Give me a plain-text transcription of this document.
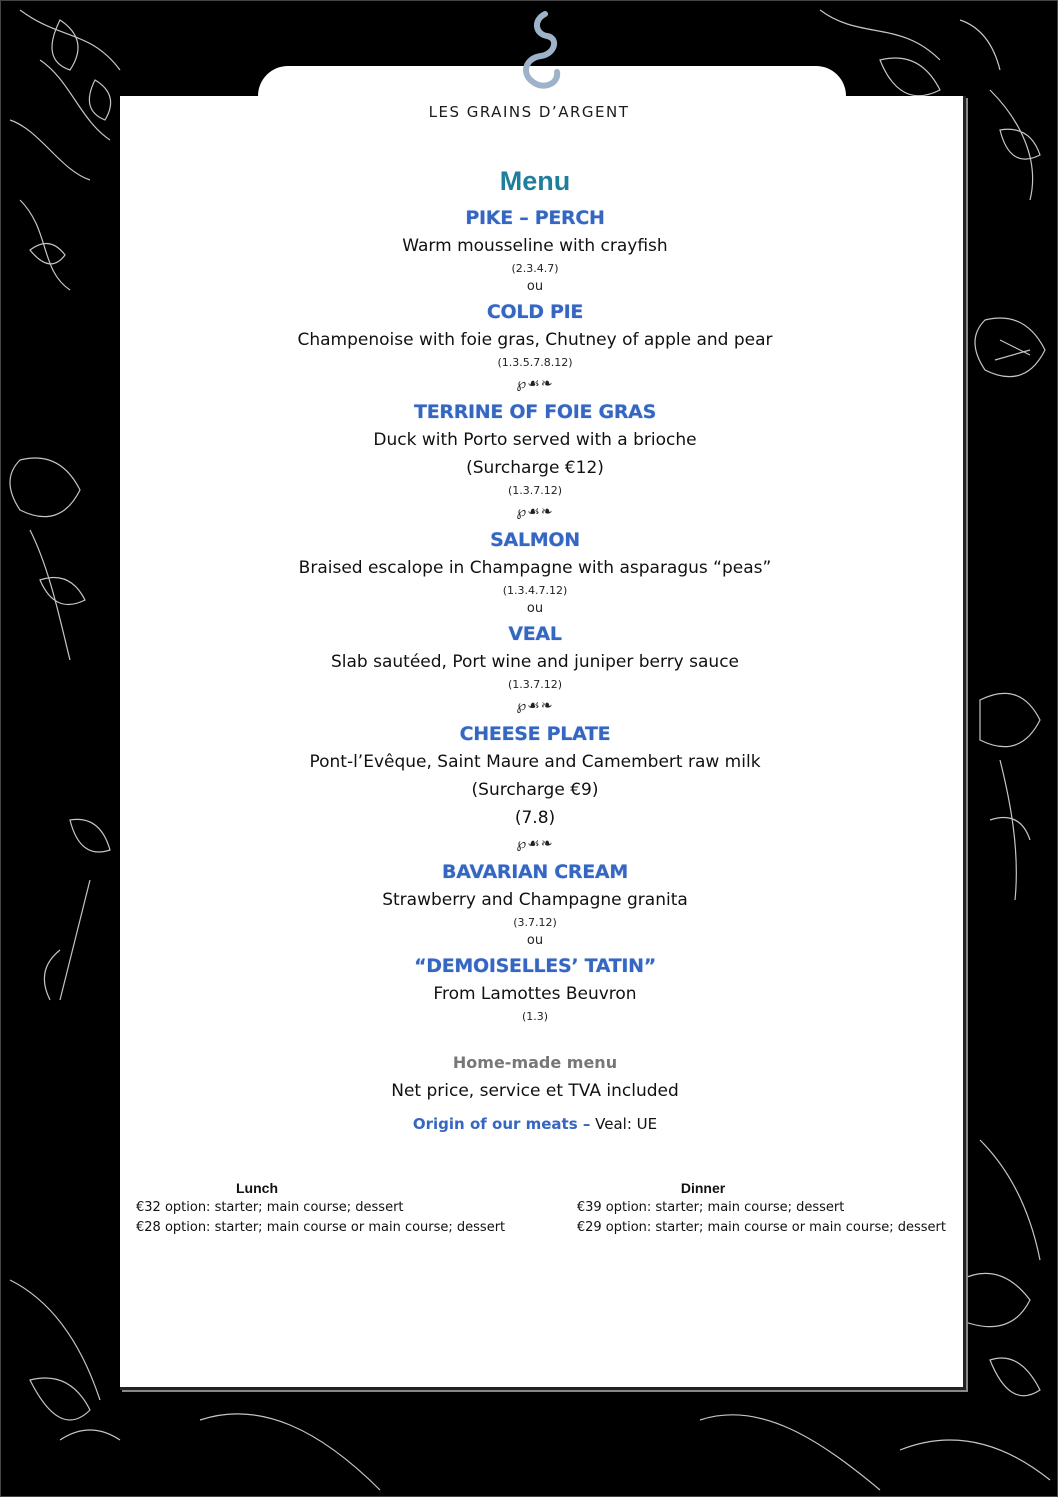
LES GRAINS D’ARGENT
Menu
PIKE – PERCH
Warm mousseline with crayfish
(2.3.4.7)
ou
COLD PIE
Champenoise with foie gras, Chutney of apple and pear
(1.3.5.7.8.12)
℘☙❧
TERRINE OF FOIE GRAS
Duck with Porto served with a brioche
(Surcharge €12)
(1.3.7.12)
℘☙❧
SALMON
Braised escalope in Champagne with asparagus “peas”
(1.3.4.7.12)
ou
VEAL
Slab sautéed, Port wine and juniper berry sauce
(1.3.7.12)
℘☙❧
CHEESE PLATE
Pont-l’Evêque, Saint Maure and Camembert raw milk
(Surcharge €9)
(7.8)
℘☙❧
BAVARIAN CREAM
Strawberry and Champagne granita
(3.7.12)
ou
“DEMOISELLES’ TATIN”
From Lamottes Beuvron
(1.3)
Home-made menu
Net price, service et TVA included
Origin of our meats – Veal: UE
Lunch
€32 option: starter; main course; dessert
€28 option: starter; main course or main course; dessert
Dinner
€39 option: starter; main course; dessert
€29 option: starter; main course or main course; dessert
